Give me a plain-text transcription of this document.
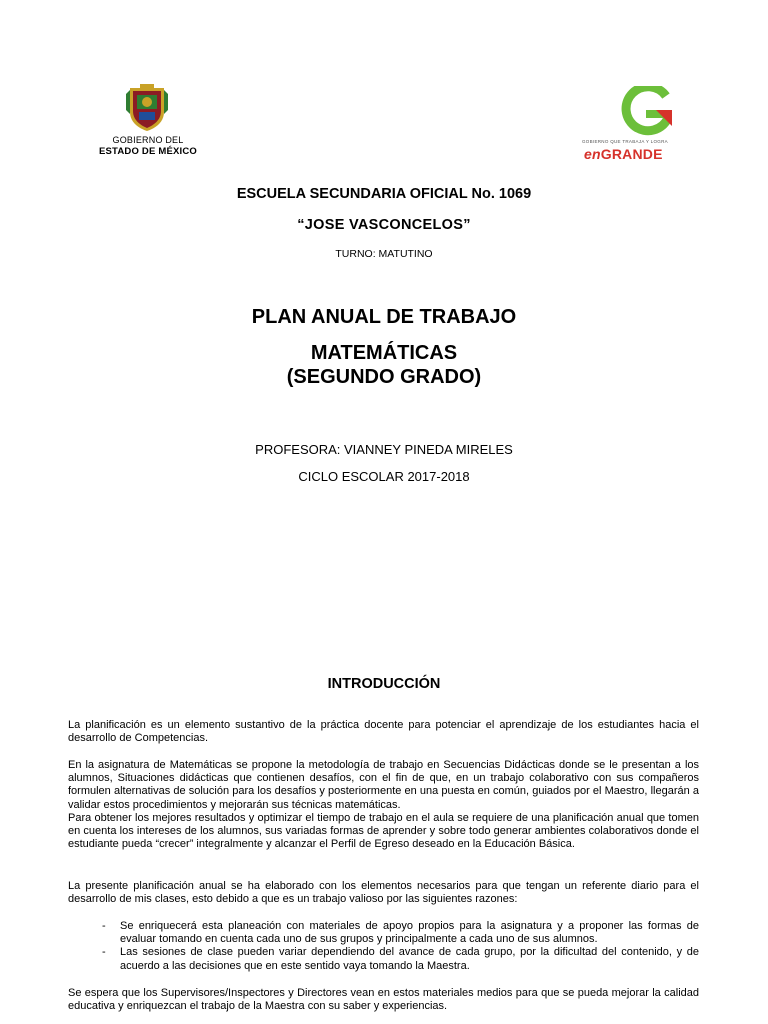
GOBIERNO DEL
ESTADO DE MÉXICO
GOBIERNO QUE TRABAJA Y LOGRA
enGRANDE
ESCUELA SECUNDARIA OFICIAL No. 1069
“JOSE VASCONCELOS”
TURNO: MATUTINO
PLAN ANUAL DE TRABAJO
MATEMÁTICAS
(SEGUNDO GRADO)
PROFESORA: VIANNEY PINEDA MIRELES
CICLO ESCOLAR 2017-2018
INTRODUCCIÓN

La planificación es un elemento sustantivo de la práctica docente para potenciar el aprendizaje de los estudiantes hacia el desarrollo de Competencias.

En la asignatura de Matemáticas se propone la metodología de trabajo en Secuencias Didácticas donde se le presentan a los alumnos, Situaciones didácticas que contienen desafíos, con el fin de que, en un trabajo colaborativo con sus compañeros formulen alternativas de solución para los desafíos y posteriormente en una puesta en común, guiados por el Maestro, llegarán a validar estos procedimientos y mejorarán sus técnicas matemáticas.

Para obtener los mejores resultados y optimizar el tiempo de trabajo en el aula se requiere de una planificación anual que tomen en cuenta los intereses de los alumnos, sus variadas formas de aprender y sobre todo generar ambientes colaborativos donde el estudiante pueda “crecer” integralmente y alcanzar el Perfil de Egreso deseado en la Educación Básica.

La presente planificación anual se ha elaborado con los elementos necesarios para que tengan un referente diario para el desarrollo de mis clases, esto debido a que es un trabajo valioso por las siguientes razones:

- Se enriquecerá esta planeación con materiales de apoyo propios para la asignatura y a proponer las formas de evaluar tomando en cuenta cada uno de sus grupos y principalmente a cada uno de sus alumnos.
- Las sesiones de clase pueden variar dependiendo del avance de cada grupo, por la dificultad del contenido, y de acuerdo a las decisiones que en este sentido vaya tomando la Maestra.

Se espera que los Supervisores/Inspectores y Directores vean en estos materiales medios para que se pueda mejorar la calidad educativa y enriquezcan el trabajo de la Maestra con su saber y experiencias.
